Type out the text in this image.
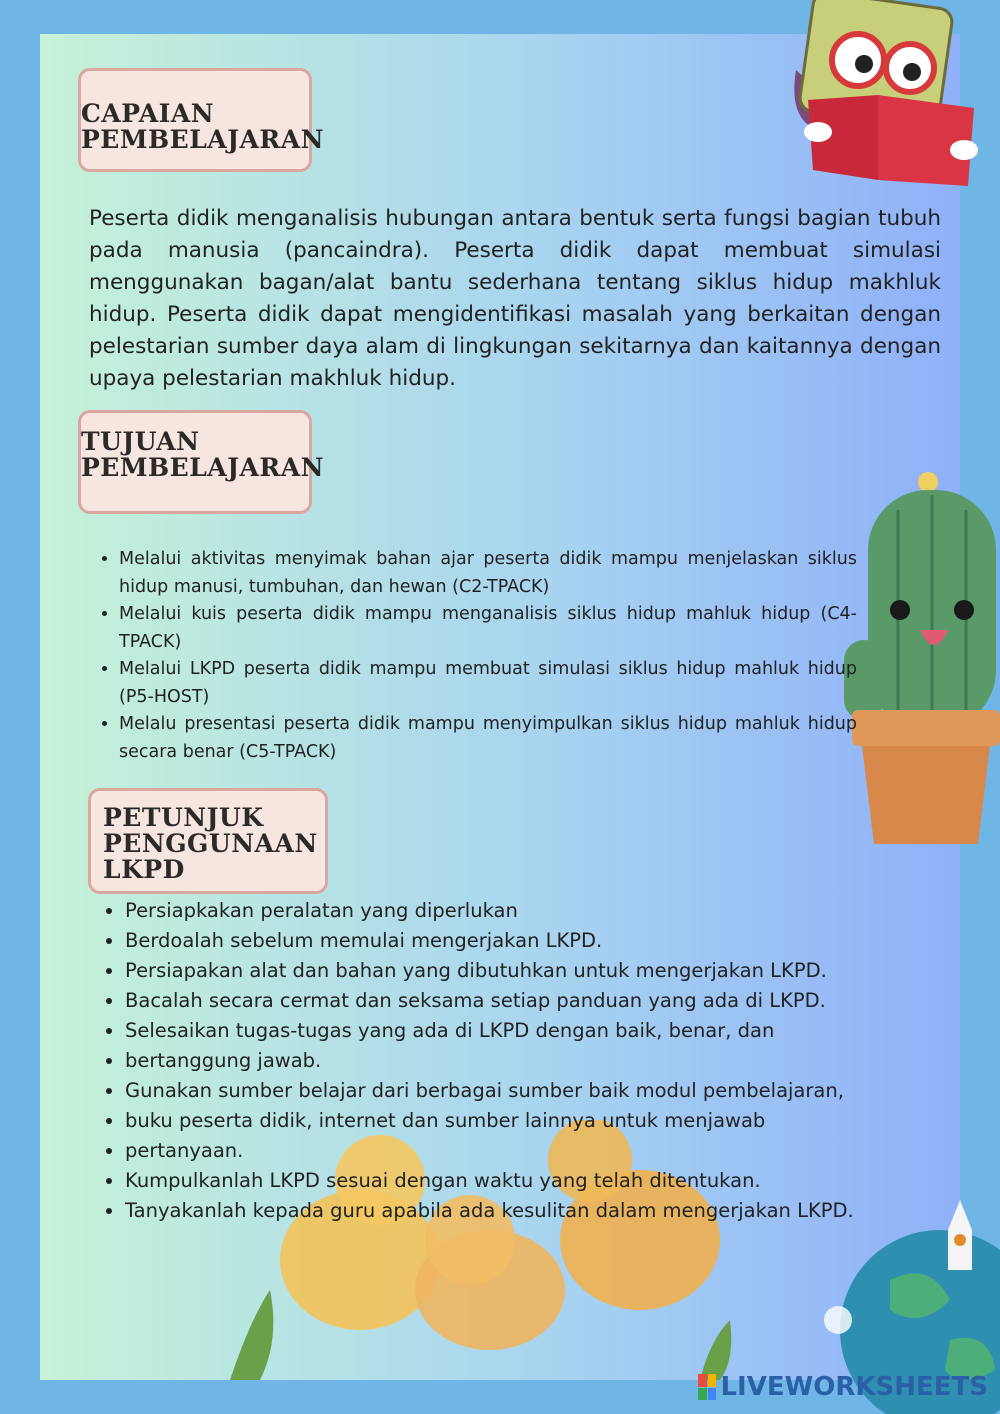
CAPAIAN
PEMBELAJARAN

Peserta didik menganalisis hubungan antara bentuk serta fungsi bagian tubuh pada manusia (pancaindra). Peserta didik dapat membuat simulasi menggunakan bagan/alat bantu sederhana tentang siklus hidup makhluk hidup. Peserta didik dapat mengidentifikasi masalah yang berkaitan dengan pelestarian sumber daya alam di lingkungan sekitarnya dan kaitannya dengan upaya pelestarian makhluk hidup.

TUJUAN
PEMBELAJARAN
• Melalui aktivitas menyimak bahan ajar peserta didik mampu menjelaskan siklus hidup manusi, tumbuhan, dan hewan (C2-TPACK)
• Melalui kuis peserta didik mampu menganalisis siklus hidup mahluk hidup (C4-TPACK)
• Melalui LKPD peserta didik mampu membuat simulasi siklus hidup mahluk hidup (P5-HOST)
• Melalu presentasi peserta didik mampu menyimpulkan siklus hidup mahluk hidup secara benar (C5-TPACK)
PETUNJUK
PENGGUNAAN
LKPD
• Persiapkakan peralatan yang diperlukan
• Berdoalah sebelum memulai mengerjakan LKPD.
• Persiapakan alat dan bahan yang dibutuhkan untuk mengerjakan LKPD.
• Bacalah secara cermat dan seksama setiap panduan yang ada di LKPD.
• Selesaikan tugas-tugas yang ada di LKPD dengan baik, benar, dan
• bertanggung jawab.
• Gunakan sumber belajar dari berbagai sumber baik modul pembelajaran,
• buku peserta didik, internet dan sumber lainnya untuk menjawab
• pertanyaan.
• Kumpulkanlah LKPD sesuai dengan waktu yang telah ditentukan.
• Tanyakanlah kepada guru apabila ada kesulitan dalam mengerjakan LKPD.
LIVEWORKSHEETS
